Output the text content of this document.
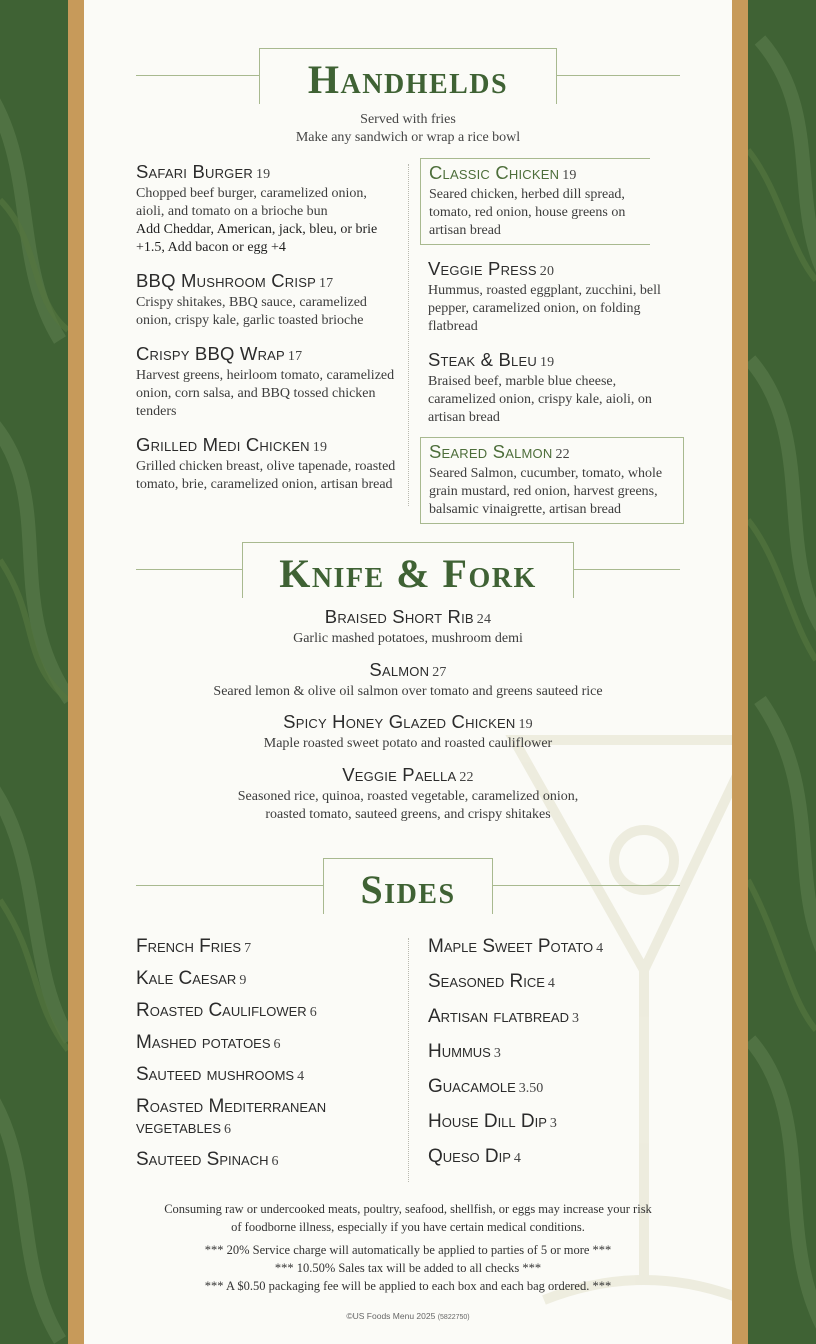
Handhelds
Served with fries
Make any sandwich or wrap a rice bowl
Safari Burger 19
Chopped beef burger, caramelized onion, aioli, and tomato on a brioche bun
Add Cheddar, American, jack, bleu, or brie +1.5, Add bacon or egg +4
BBQ Mushroom Crisp 17
Crispy shitakes, BBQ sauce, caramelized onion, crispy kale, garlic toasted brioche
Crispy BBQ Wrap 17
Harvest greens, heirloom tomato, caramelized onion, corn salsa, and BBQ tossed chicken tenders
Grilled Medi Chicken 19
Grilled chicken breast, olive tapenade, roasted tomato, brie, caramelized onion, artisan bread
Classic Chicken 19
Seared chicken, herbed dill spread, tomato, red onion, house greens on artisan bread
Veggie Press 20
Hummus, roasted eggplant, zucchini, bell pepper, caramelized onion, on folding flatbread
Steak & Bleu 19
Braised beef, marble blue cheese, caramelized onion, crispy kale, aioli, on artisan bread
Seared Salmon 22
Seared Salmon, cucumber, tomato, whole grain mustard, red onion, harvest greens, balsamic vinaigrette, artisan bread
Knife & Fork
Braised Short Rib 24
Garlic mashed potatoes, mushroom demi
Salmon 27
Seared lemon & olive oil salmon over tomato and greens sauteed rice
Spicy Honey Glazed Chicken 19
Maple roasted sweet potato and roasted cauliflower
Veggie Paella 22
Seasoned rice, quinoa, roasted vegetable, caramelized onion,
roasted tomato, sauteed greens, and crispy shitakes
Sides
French Fries 7
Kale Caesar 9
Roasted Cauliflower 6
Mashed potatoes 6
Sauteed mushrooms 4
Roasted Mediterranean
vegetables 6
Sauteed Spinach 6
Maple Sweet Potato 4
Seasoned Rice 4
Artisan flatbread 3
Hummus 3
Guacamole 3.50
House Dill Dip 3
Queso Dip 4
Consuming raw or undercooked meats, poultry, seafood, shellfish, or eggs may increase your risk
of foodborne illness, especially if you have certain medical conditions.
*** 20% Service charge will automatically be applied to parties of 5 or more ***
*** 10.50% Sales tax will be added to all checks ***
*** A $0.50 packaging fee will be applied to each box and each bag ordered. ***
©US Foods Menu 2025 (5822750)
